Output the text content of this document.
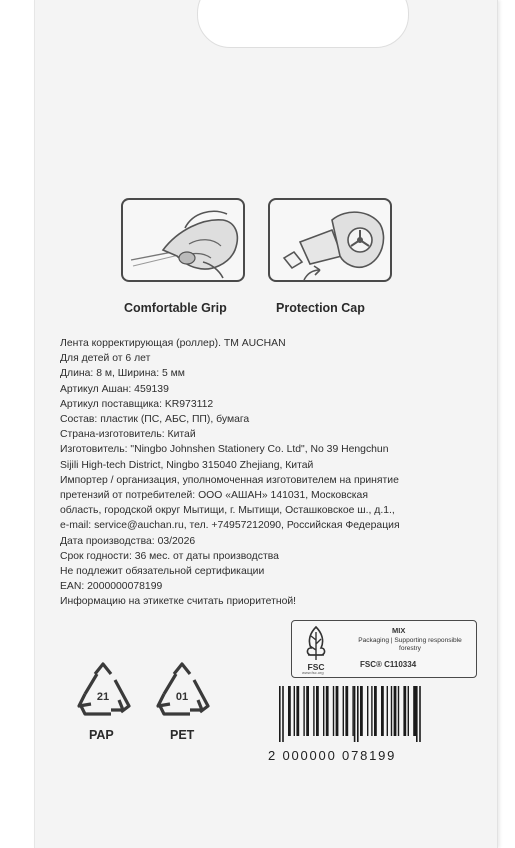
Comfortable Grip	Protection Cap
Лента корректирующая (роллер). ТМ AUCHAN
Для детей от 6 лет
Длина: 8 м, Ширина: 5 мм
Артикул Ашан: 459139
Артикул поставщика: KR973112
Состав: пластик (ПС, АБС, ПП), бумага
Страна-изготовитель: Китай
Изготовитель: "Ningbo Johnshen Stationery Co. Ltd", No 39 Hengchun
Sijili High-tech District, Ningbo 315040 Zhejiang, Китай
Импортер / организация, уполномоченная изготовителем на принятие
претензий от потребителей: ООО «АШАН» 141031, Московская
область, городской округ Мытищи, г. Мытищи, Осташковское ш., д.1.,
e-mail: service@auchan.ru, тел. +74957212090, Российская Федерация
Дата производства: 03/2026
Срок годности: 36 мес. от даты производства
Не подлежит обязательной сертификации
EAN: 2000000078199
Информацию на этикетке считать приоритетной!
21
PAP
01
PET
FSC
MIX
Packaging | Supporting responsible forestry
FSC® C110334
www.fsc.org
2 000000 078199
